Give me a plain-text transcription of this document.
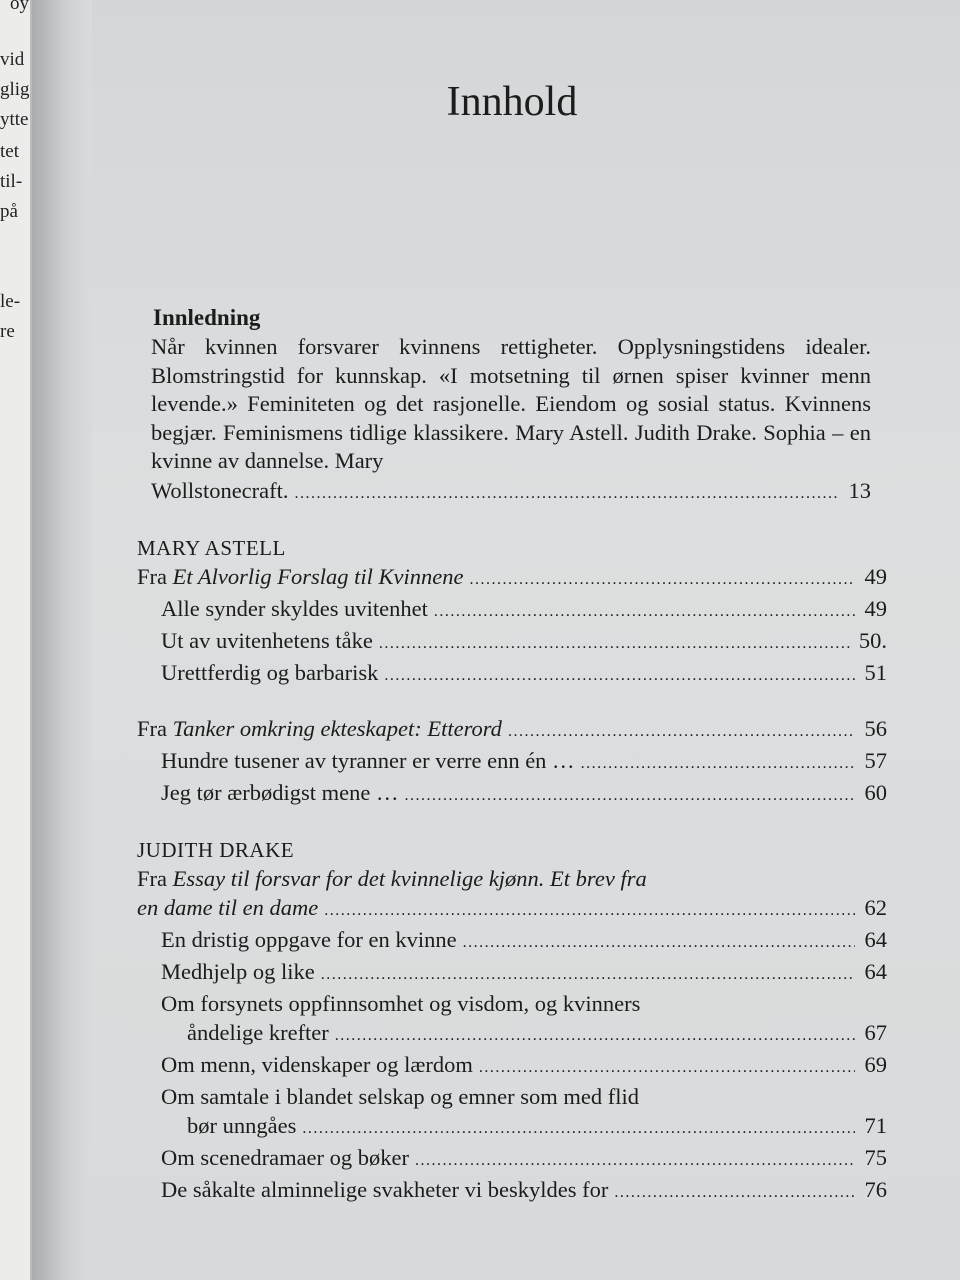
oy
vid
glig
ytte
tet
til-
på
le-
re
Innhold
Innledning
Når kvinnen forsvarer kvinnens rettigheter. Opplysningstidens idealer. Blomstringstid for kunnskap. «I motsetning til ørnen spiser kvinner menn levende.» Feminiteten og det rasjonelle. Eiendom og sosial status. Kvinnens begjær. Feminismens tidlige klassikere. Mary Astell. Judith Drake. Sophia – en kvinne av dannelse. Mary
Wollstonecraft. .....	13
MARY ASTELL
Fra Et Alvorlig Forslag til Kvinnene .....	49
Alle synder skyldes uvitenhet .....	49
Ut av uvitenhetens tåke .....	50.
Urettferdig og barbarisk .....	51
Fra Tanker omkring ekteskapet: Etterord .....	56
Hundre tusener av tyranner er verre enn én … .....	57
Jeg tør ærbødigst mene … .....	60
JUDITH DRAKE
Fra Essay til forsvar for det kvinnelige kjønn. Et brev fra
en dame til en dame .....	62
En dristig oppgave for en kvinne .....	64
Medhjelp og like .....	64
Om forsynets oppfinnsomhet og visdom, og kvinners
åndelige krefter .....	67
Om menn, videnskaper og lærdom .....	69
Om samtale i blandet selskap og emner som med flid
bør unngåes .....	71
Om scenedramaer og bøker .....	75
De såkalte alminnelige svakheter vi beskyldes for .....	76
